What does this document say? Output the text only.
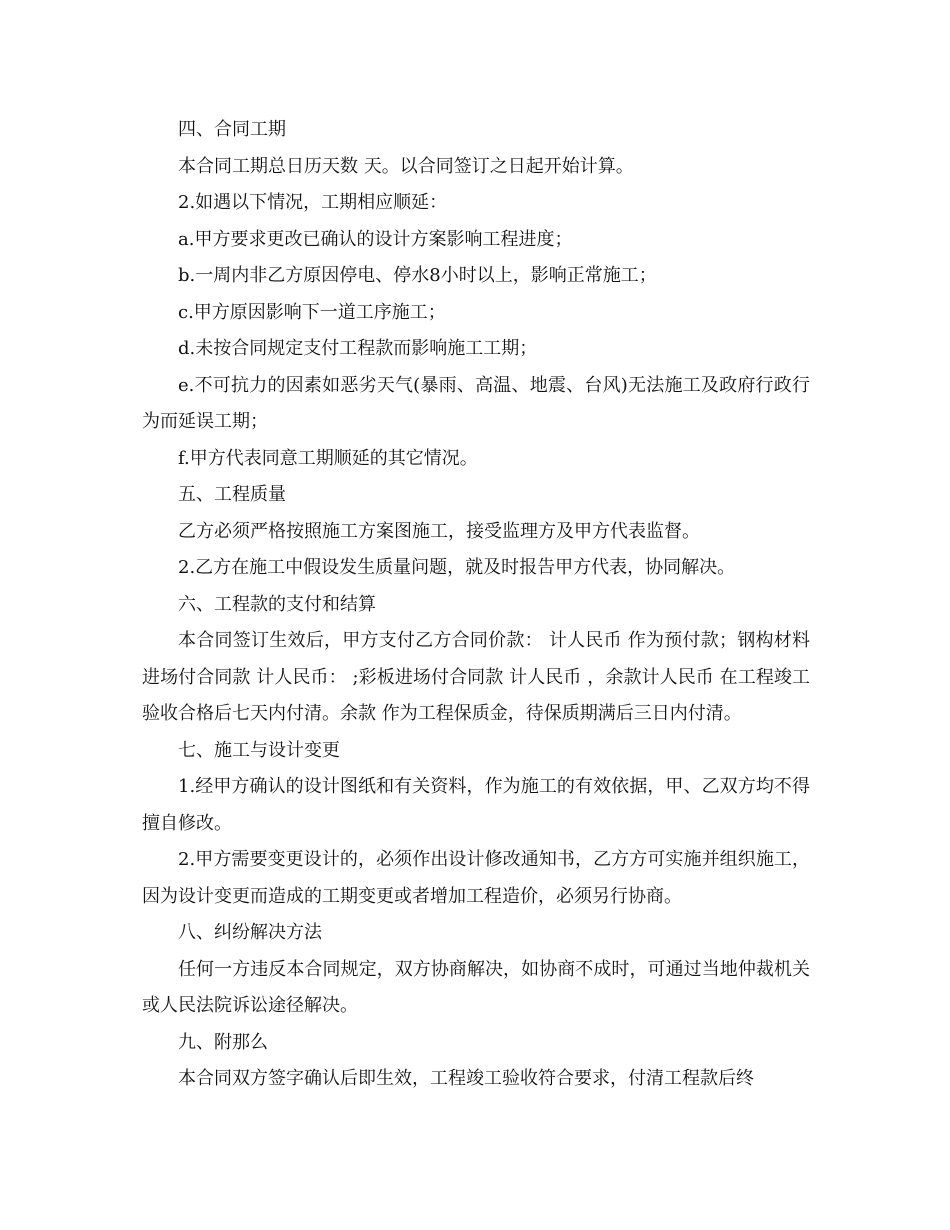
四、合同工期

本合同工期总日历天数 天。以合同签订之日起开始计算。

2.如遇以下情况，工期相应顺延：

a.甲方要求更改已确认的设计方案影响工程进度；

b.一周内非乙方原因停电、停水8小时以上，影响正常施工；

c.甲方原因影响下一道工序施工；

d.未按合同规定支付工程款而影响施工工期；

e.不可抗力的因素如恶劣天气(暴雨、高温、地震、台风)无法施工及政府行政行为而延误工期；

f.甲方代表同意工期顺延的其它情况。

五、工程质量

乙方必须严格按照施工方案图施工，接受监理方及甲方代表监督。

2.乙方在施工中假设发生质量问题，就及时报告甲方代表，协同解决。

六、工程款的支付和结算

本合同签订生效后，甲方支付乙方合同价款： 计人民币 作为预付款；钢构材料进场付合同款 计人民币： ;彩板进场付合同款 计人民币 ，余款计人民币 在工程竣工验收合格后七天内付清。余款 作为工程保质金，待保质期满后三日内付清。

七、施工与设计变更

1.经甲方确认的设计图纸和有关资料，作为施工的有效依据，甲、乙双方均不得擅自修改。

2.甲方需要变更设计的，必须作出设计修改通知书，乙方方可实施并组织施工，因为设计变更而造成的工期变更或者增加工程造价，必须另行协商。

八、纠纷解决方法

任何一方违反本合同规定，双方协商解决，如协商不成时，可通过当地仲裁机关或人民法院诉讼途径解决。

九、附那么

本合同双方签字确认后即生效，工程竣工验收符合要求，付清工程款后终
